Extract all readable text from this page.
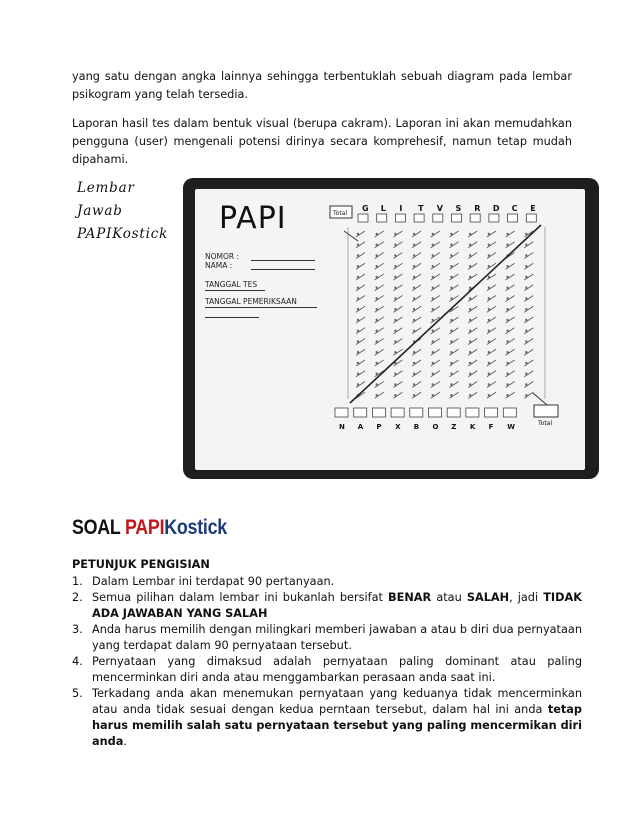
yang satu dengan angka lainnya sehingga terbentuklah sebuah diagram pada lembar psikogram yang telah tersedia.
Laporan hasil tes dalam bentuk visual (berupa cakram). Laporan ini akan memudahkan pengguna (user) mengenali potensi dirinya secara komprehesif, namun tetap mudah dipahami.
Lembar
Jawab
PAPIKostick PAPI
NOMOR :
NAMA :
TANGGAL TES
TANGGAL PEMERIKSAAN
Total
G L I T V S R D C E
N A P X B O Z K F W	Total
SOAL PAPIKostick
PETUNJUK PENGISIAN
1. Dalam Lembar ini terdapat 90 pertanyaan.
2. Semua pilihan dalam lembar ini bukanlah bersifat BENAR atau SALAH, jadi TIDAK ADA JAWABAN YANG SALAH
3. Anda harus memilih dengan milingkari memberi jawaban a atau b diri dua pernyataan yang terdapat dalam 90 pernyataan tersebut.
4. Pernyataan yang dimaksud adalah pernyataan paling dominant atau paling mencerminkan diri anda atau menggambarkan perasaan anda saat ini.
5. Terkadang anda akan menemukan pernyataan yang keduanya tidak mencerminkan atau anda tidak sesuai dengan kedua perntaan tersebut, dalam hal ini anda tetap harus memilih salah satu pernyataan tersebut yang paling mencermikan diri anda.
